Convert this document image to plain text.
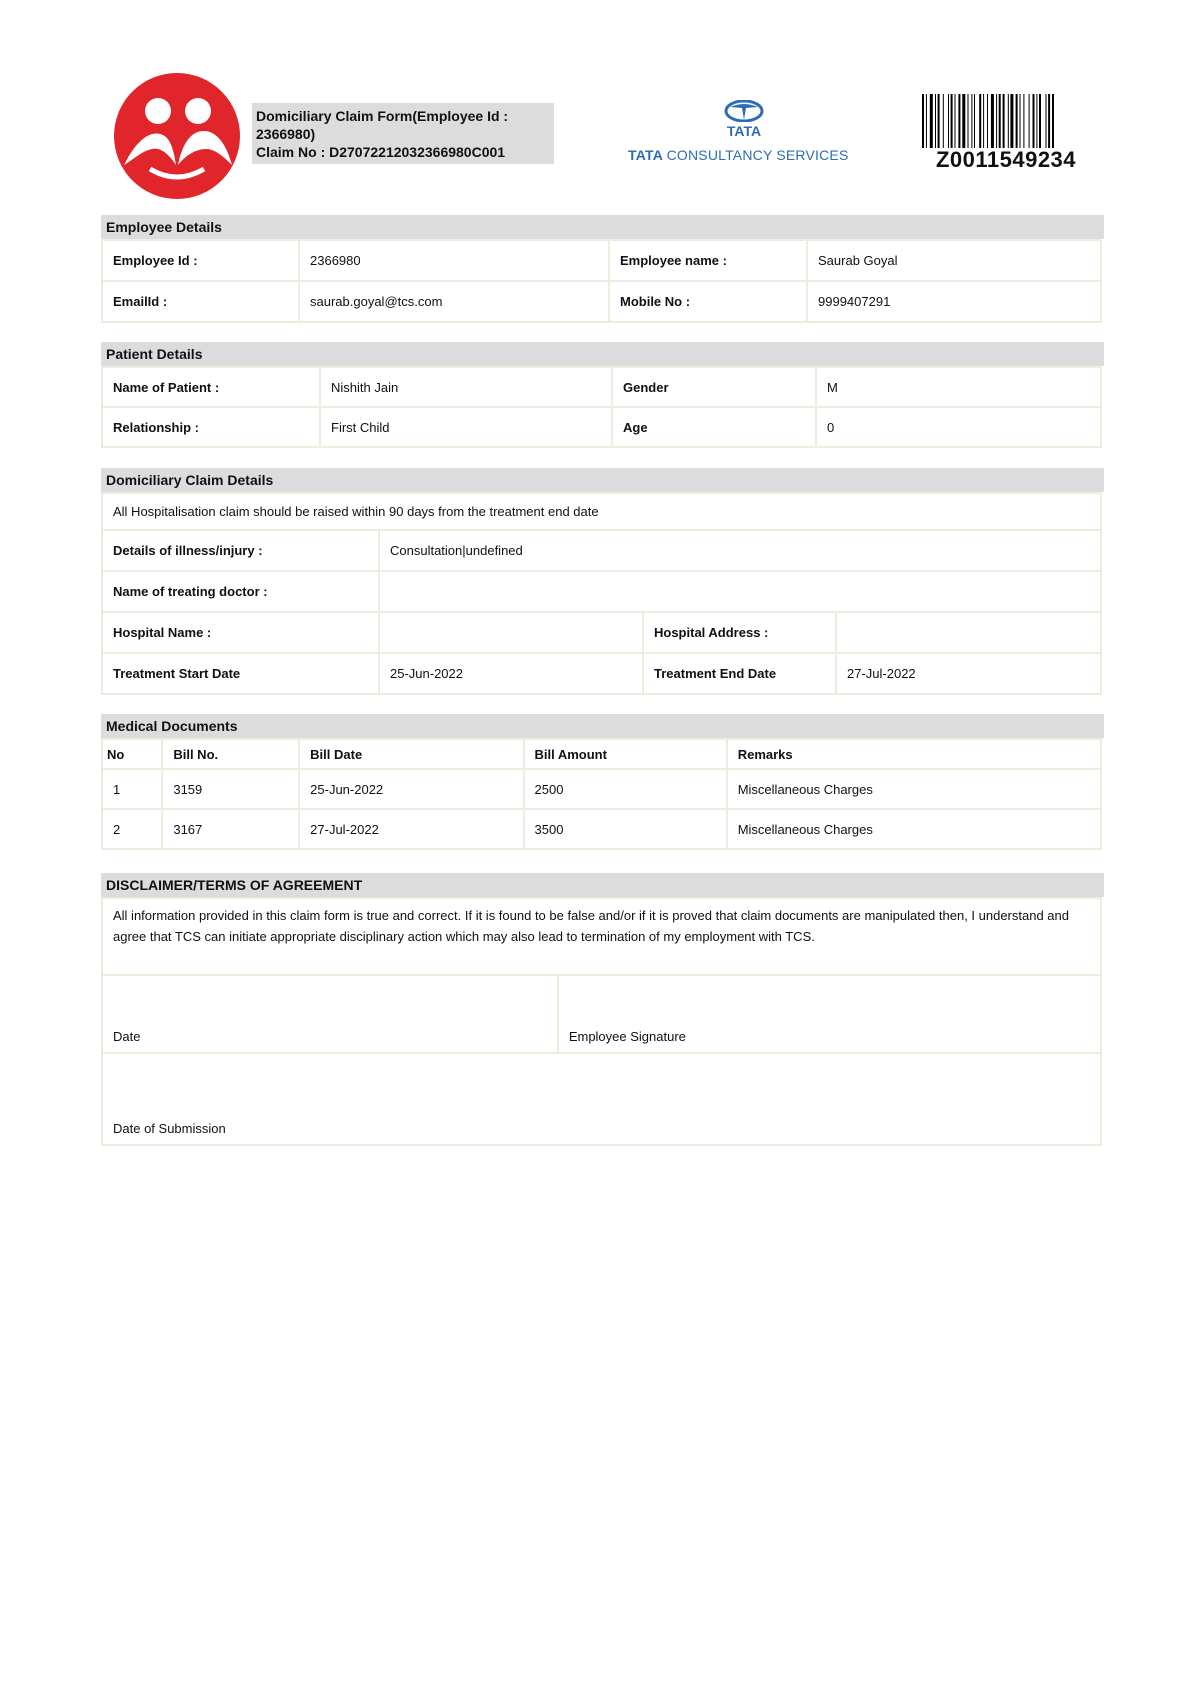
Domiciliary Claim Form(Employee Id :
2366980)
Claim No : D27072212032366980C001
TATA
TATA CONSULTANCY SERVICES	Z0011549234
Employee Details
Employee Id :	2366980	Employee name :	Saurab Goyal
EmailId :	saurab.goyal@tcs.com	Mobile No :	9999407291
Patient Details
Name of Patient :	Nishith Jain	Gender	M
Relationship :	First Child	Age	0
Domiciliary Claim Details
All Hospitalisation claim should be raised within 90 days from the treatment end date			
Details of illness/injury :	Consultation|undefined		
Name of treating doctor :			
Hospital Name :		Hospital Address :	
Treatment Start Date	25-Jun-2022	Treatment End Date	27-Jul-2022
Medical Documents
No	Bill No.	Bill Date	Bill Amount	Remarks
1	3159	25-Jun-2022	2500	Miscellaneous Charges
2	3167	27-Jul-2022	3500	Miscellaneous Charges
DISCLAIMER/TERMS OF AGREEMENT
All information provided in this claim form is true and correct. If it is found to be false and/or if it is proved that claim documents are manipulated then, I understand and agree that TCS can initiate appropriate disciplinary action which may also lead to termination of my employment with TCS.
Date	Employee Signature
Date of Submission
